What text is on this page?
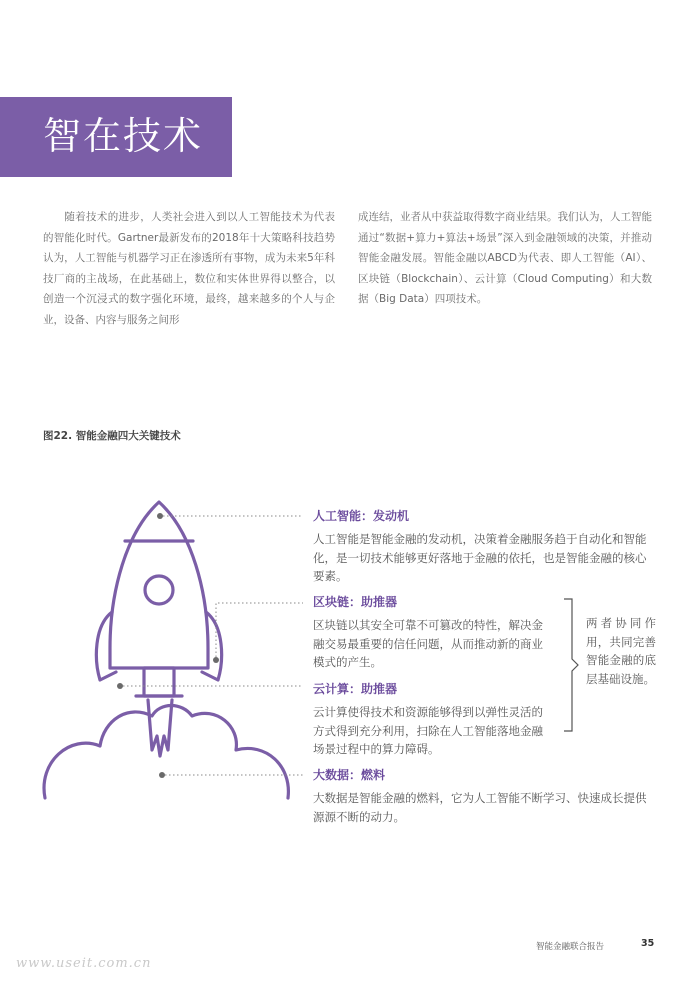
智在技术
随着技术的进步，人类社会进入到以人工智能技术为代表的智能化时代。Gartner最新发布的2018年十大策略科技趋势认为，人工智能与机器学习正在渗透所有事物，成为未来5年科技厂商的主战场，在此基础上，数位和实体世界得以整合，以创造一个沉浸式的数字强化环境，最终，越来越多的个人与企业，设备、内容与服务之间形
成连结，业者从中获益取得数字商业结果。我们认为，人工智能通过“数据+算力+算法+场景”深入到金融领域的决策，并推动智能金融发展。智能金融以ABCD为代表、即人工智能（AI）、区块链（Blockchain）、云计算（Cloud Computing）和大数据（Big Data）四项技术。
图22. 智能金融四大关键技术
人工智能：发动机
人工智能是智能金融的发动机，决策着金融服务趋于自动化和智能化，是一切技术能够更好落地于金融的依托，也是智能金融的核心要素。
区块链：助推器
区块链以其安全可靠不可篡改的特性，解决金融交易最重要的信任问题，从而推动新的商业模式的产生。
云计算：助推器
云计算使得技术和资源能够得到以弹性灵活的方式得到充分利用，扫除在人工智能落地金融场景过程中的算力障碍。
大数据：燃料
大数据是智能金融的燃料，它为人工智能不断学习、快速成长提供源源不断的动力。
两者协同作用，共同完善智能金融的底层基础设施。
智能金融联合报告	35
www.useit.com.cn
